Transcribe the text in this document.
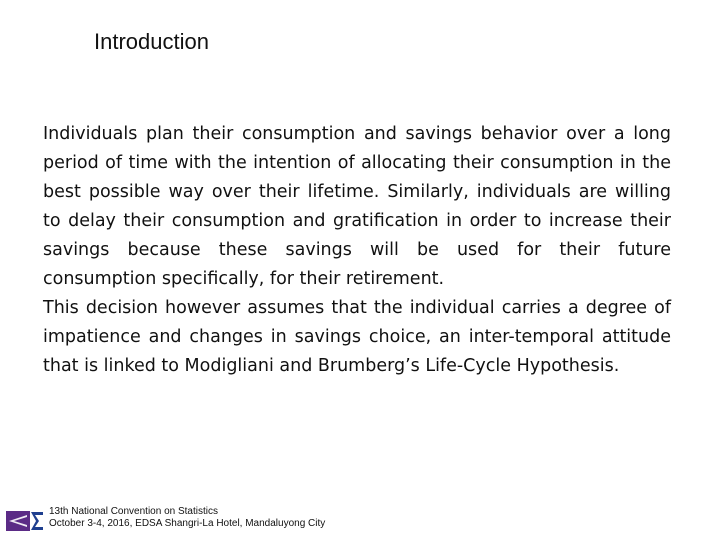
Introduction

Individuals plan their consumption and savings behavior over a long period of time with the intention of allocating their consumption in the best possible way over their lifetime. Similarly, individuals are willing to delay their consumption and gratification in order to increase their savings because these savings will be used for their future consumption specifically, for their retirement.

This decision however assumes that the individual carries a degree of impatience and changes in savings choice, an inter-temporal attitude that is linked to Modigliani and Brumberg’s Life-Cycle Hypothesis.

13th National Convention on Statistics
October 3-4, 2016, EDSA Shangri-La Hotel, Mandaluyong City
